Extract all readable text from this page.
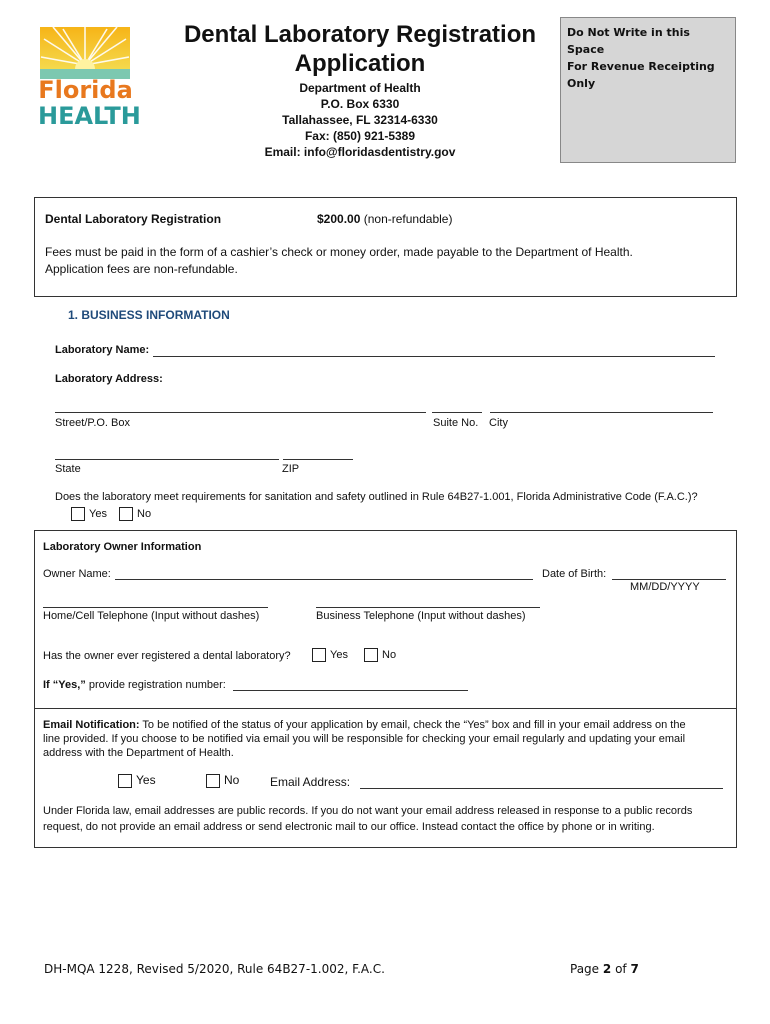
Florida
HEALTH
Dental Laboratory Registration
Application
Department of Health
P.O. Box 6330
Tallahassee, FL 32314-6330
Fax: (850) 921-5389
Email: info@floridasdentistry.gov
Do Not Write in this Space
For Revenue Receipting Only
Dental Laboratory Registration	$200.00 (non-refundable)
Fees must be paid in the form of a cashier’s check or money order, made payable to the Department of Health.
Application fees are non-refundable.
1. BUSINESS INFORMATION
Laboratory Name:
Laboratory Address:
Street/P.O. Box	Suite No. City
State	ZIP
Does the laboratory meet requirements for sanitation and safety outlined in Rule 64B27-1.001, Florida Administrative Code (F.A.C.)?
Yes	No
Laboratory Owner Information
Owner Name:	Date of Birth:
MM/DD/YYYY
Home/Cell Telephone (Input without dashes)	Business Telephone (Input without dashes)
Has the owner ever registered a dental laboratory?	Yes	No
If “Yes,” provide registration number:
Email Notification: To be notified of the status of your application by email, check the “Yes” box and fill in your email address on the
line provided. If you choose to be notified via email you will be responsible for checking your email regularly and updating your email
address with the Department of Health.
Yes	No	Email Address:
Under Florida law, email addresses are public records. If you do not want your email address released in response to a public records
request, do not provide an email address or send electronic mail to our office. Instead contact the office by phone or in writing.
DH-MQA 1228, Revised 5/2020, Rule 64B27-1.002, F.A.C.	Page 2 of 7
